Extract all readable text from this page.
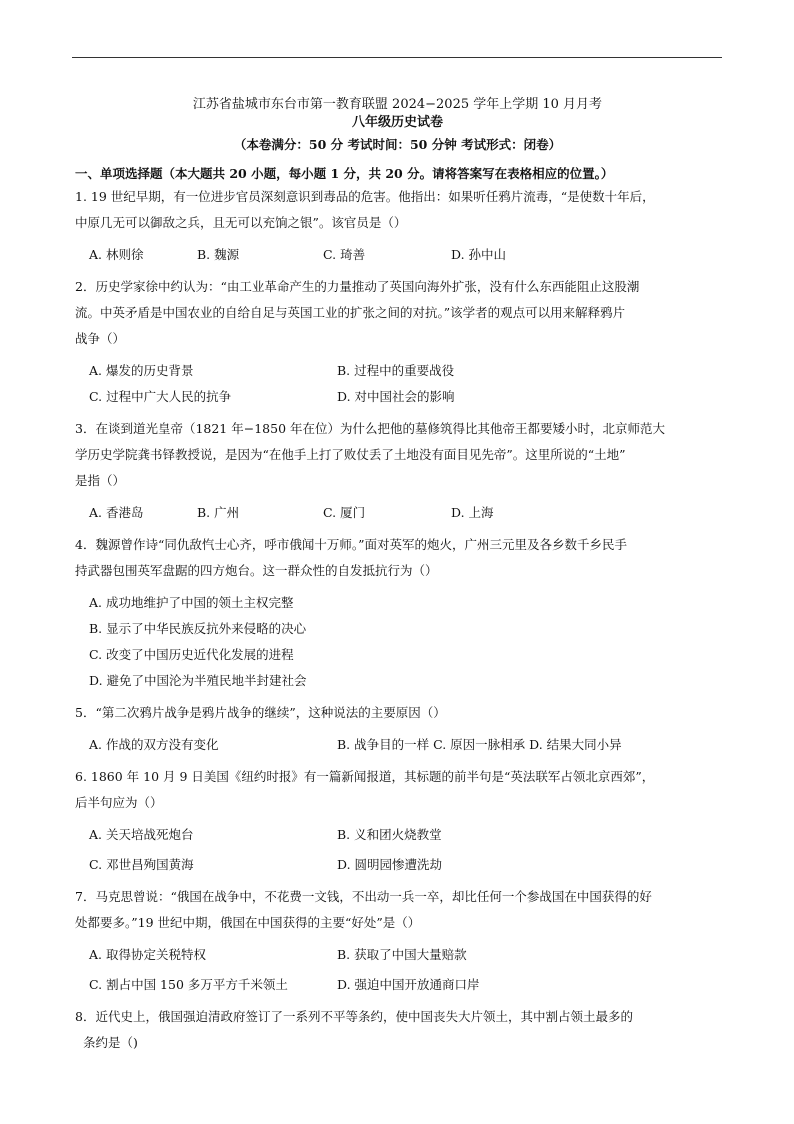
江苏省盐城市东台市第一教育联盟 2024−2025 学年上学期 10 月月考
八年级历史试卷
（本卷满分：50 分 考试时间：50 分钟 考试形式：闭卷）
一、单项选择题（本大题共 20 小题，每小题 1 分，共 20 分。请将答案写在表格相应的位置。）
1. 19 世纪早期，有一位进步官员深刻意识到毒品的危害。他指出：如果听任鸦片流毒，“是使数十年后，
中原几无可以御敌之兵，且无可以充饷之银”。该官员是（）
A. 林则徐	B. 魏源	C. 琦善	D. 孙中山
2．历史学家徐中约认为：“由工业革命产生的力量推动了英国向海外扩张，没有什么东西能阻止这股潮
流。中英矛盾是中国农业的自给自足与英国工业的扩张之间的对抗。”该学者的观点可以用来解释鸦片
战争（）
A. 爆发的历史背景	B. 过程中的重要战役
C. 过程中广大人民的抗争	D. 对中国社会的影响
3．在谈到道光皇帝（1821 年−1850 年在位）为什么把他的墓修筑得比其他帝王都要矮小时，北京师范大
学历史学院龚书铎教授说，是因为“在他手上打了败仗丢了土地没有面目见先帝”。这里所说的“土地”
是指（）
A. 香港岛	B. 广州	C. 厦门	D. 上海
4．魏源曾作诗“同仇敌忾士心齐，呼市俄闻十万师。”面对英军的炮火，广州三元里及各乡数千乡民手
持武器包围英军盘踞的四方炮台。这一群众性的自发抵抗行为（）
A. 成功地维护了中国的领土主权完整
B. 显示了中华民族反抗外来侵略的决心
C. 改变了中国历史近代化发展的进程
D. 避免了中国沦为半殖民地半封建社会
5．“第二次鸦片战争是鸦片战争的继续”，这种说法的主要原因（）
A. 作战的双方没有变化	B. 战争目的一样 C. 原因一脉相承 D. 结果大同小异
6. 1860 年 10 月 9 日美国《纽约时报》有一篇新闻报道，其标题的前半句是“英法联军占领北京西郊”，
后半句应为（）
A. 关天培战死炮台	B. 义和团火烧教堂
C. 邓世昌殉国黄海	D. 圆明园惨遭洗劫
7．马克思曾说：“俄国在战争中，不花费一文钱，不出动一兵一卒，却比任何一个参战国在中国获得的好
处都要多。”19 世纪中期，俄国在中国获得的主要“好处”是（）
A. 取得协定关税特权	B. 获取了中国大量赔款
C. 割占中国 150 多万平方千米领土	D. 强迫中国开放通商口岸
8．近代史上，俄国强迫清政府签订了一系列不平等条约，使中国丧失大片领土，其中割占领土最多的
条约是（)
